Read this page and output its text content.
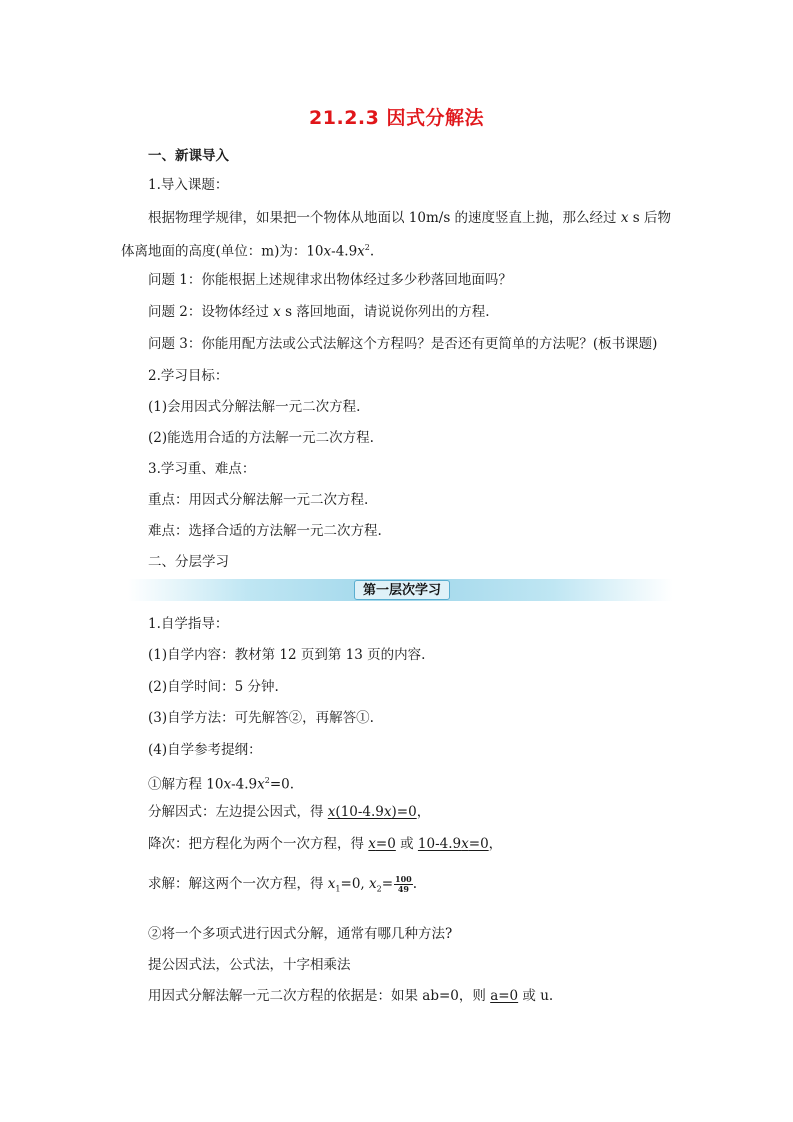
21.2.3 因式分解法
一、新课导入
1.导入课题：
根据物理学规律，如果把一个物体从地面以 10m/s 的速度竖直上抛，那么经过 x s 后物
体离地面的高度(单位：m)为：$10x-4.9x^2$.
问题 1：你能根据上述规律求出物体经过多少秒落回地面吗？
问题 2：设物体经过 x s 落回地面，请说说你列出的方程.
问题 3：你能用配方法或公式法解这个方程吗？是否还有更简单的方法呢？(板书课题)
2.学习目标：
(1)会用因式分解法解一元二次方程.
(2)能选用合适的方法解一元二次方程.
3.学习重、难点：
重点：用因式分解法解一元二次方程.
难点：选择合适的方法解一元二次方程.
二、分层学习
第一层次学习
1.自学指导：
(1)自学内容：教材第 12 页到第 13 页的内容.
(2)自学时间：5 分钟.
(3)自学方法：可先解答②，再解答①.
(4)自学参考提纲：
①解方程 $10x-4.9x^2=0$.
分解因式：左边提公因式，得 x(10-4.9x)=0，
降次：把方程化为两个一次方程，得 x=0 或 10-4.9x=0，
求解：解这两个一次方程，得 $x_1=0$, $x_2= \frac{100}{49}$ .
②将一个多项式进行因式分解，通常有哪几种方法?
提公因式法，公式法，十字相乘法
用因式分解法解一元二次方程的依据是：如果 ab=0，则 a=0 或 u.
